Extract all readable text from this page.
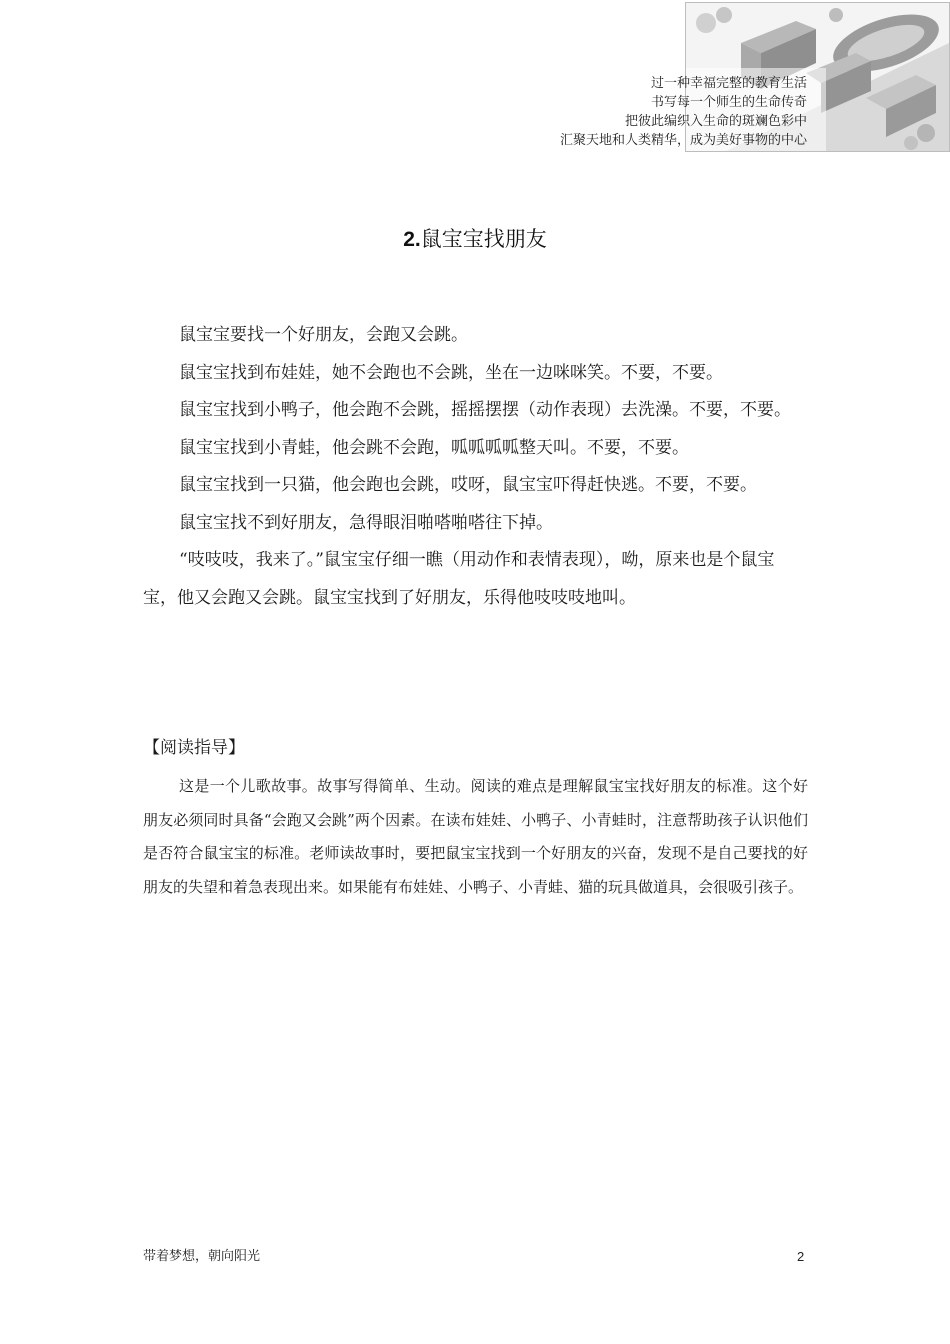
过一种幸福完整的教育生活
书写每一个师生的生命传奇
把彼此编织入生命的斑斓色彩中
汇聚天地和人类精华，成为美好事物的中心
2.鼠宝宝找朋友

鼠宝宝要找一个好朋友，会跑又会跳。

鼠宝宝找到布娃娃，她不会跑也不会跳，坐在一边咪咪笑。不要，不要。

鼠宝宝找到小鸭子，他会跑不会跳，摇摇摆摆（动作表现）去洗澡。不要，不要。

鼠宝宝找到小青蛙，他会跳不会跑，呱呱呱呱整天叫。不要，不要。

鼠宝宝找到一只猫，他会跑也会跳，哎呀，鼠宝宝吓得赶快逃。不要，不要。

鼠宝宝找不到好朋友，急得眼泪啪嗒啪嗒往下掉。

“吱吱吱，我来了。”鼠宝宝仔细一瞧（用动作和表情表现），呦，原来也是个鼠宝宝，他又会跑又会跳。鼠宝宝找到了好朋友，乐得他吱吱吱地叫。

【阅读指导】
这是一个儿歌故事。故事写得简单、生动。阅读的难点是理解鼠宝宝找好朋友的标准。这个好朋友必须同时具备“会跑又会跳”两个因素。在读布娃娃、小鸭子、小青蛙时，注意帮助孩子认识他们是否符合鼠宝宝的标准。老师读故事时，要把鼠宝宝找到一个好朋友的兴奋，发现不是自己要找的好朋友的失望和着急表现出来。如果能有布娃娃、小鸭子、小青蛙、猫的玩具做道具，会很吸引孩子。
带着梦想，朝向阳光	2
